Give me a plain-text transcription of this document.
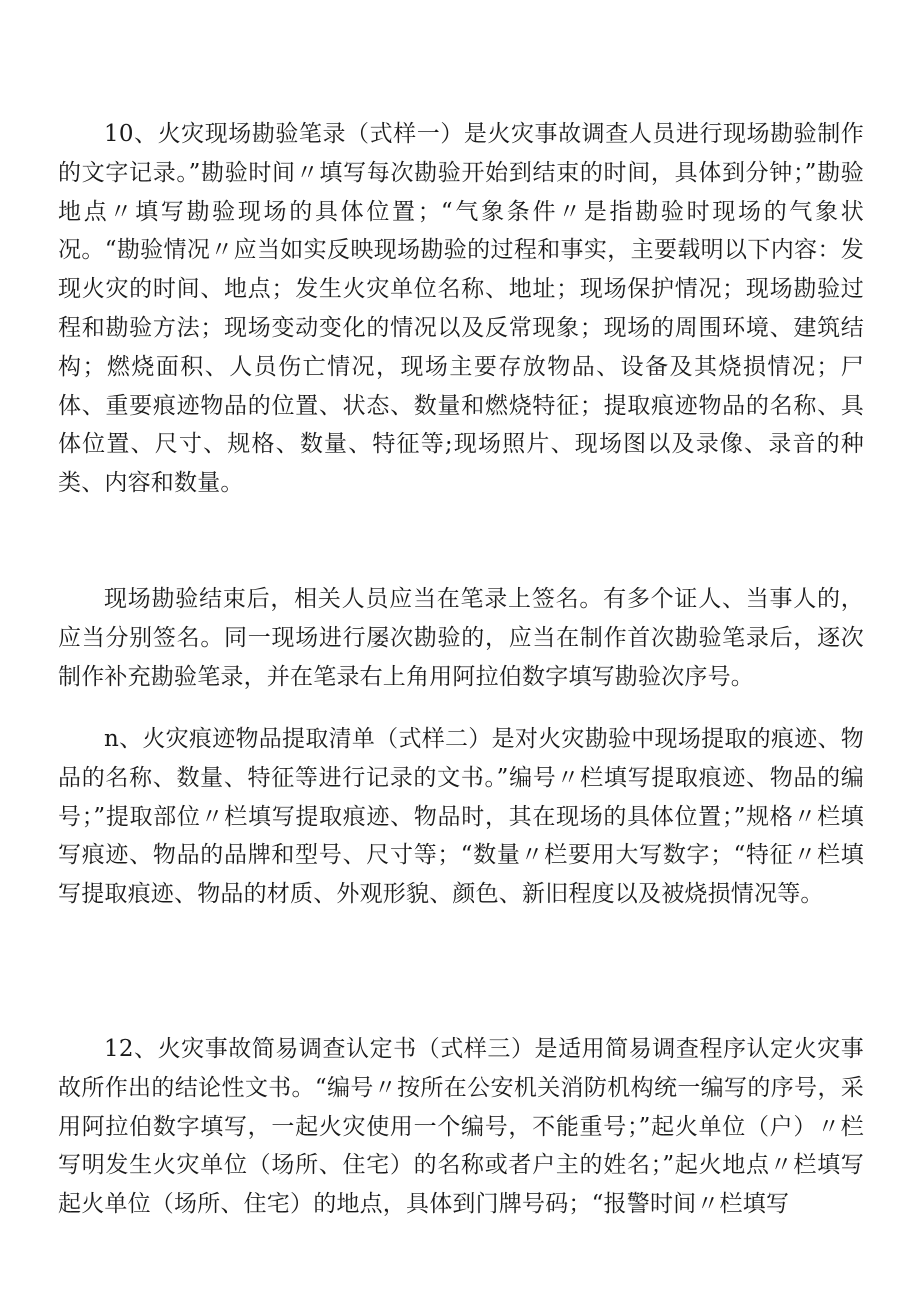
10、火灾现场勘验笔录（式样一）是火灾事故调查人员进行现场勘验制作的文字记录。”勘验时间〃填写每次勘验开始到结束的时间，具体到分钟；”勘验地点〃填写勘验现场的具体位置；“气象条件〃是指勘验时现场的气象状况。“勘验情况〃应当如实反映现场勘验的过程和事实，主要载明以下内容：发现火灾的时间、地点；发生火灾单位名称、地址；现场保护情况；现场勘验过程和勘验方法；现场变动变化的情况以及反常现象；现场的周围环境、建筑结构；燃烧面积、人员伤亡情况，现场主要存放物品、设备及其烧损情况；尸体、重要痕迹物品的位置、状态、数量和燃烧特征；提取痕迹物品的名称、具体位置、尺寸、规格、数量、特征等;现场照片、现场图以及录像、录音的种类、内容和数量。

现场勘验结束后，相关人员应当在笔录上签名。有多个证人、当事人的，应当分别签名。同一现场进行屡次勘验的，应当在制作首次勘验笔录后，逐次制作补充勘验笔录，并在笔录右上角用阿拉伯数字填写勘验次序号。

n、火灾痕迹物品提取清单（式样二）是对火灾勘验中现场提取的痕迹、物品的名称、数量、特征等进行记录的文书。”编号〃栏填写提取痕迹、物品的编号；”提取部位〃栏填写提取痕迹、物品时，其在现场的具体位置；”规格〃栏填写痕迹、物品的品牌和型号、尺寸等；“数量〃栏要用大写数字；“特征〃栏填写提取痕迹、物品的材质、外观形貌、颜色、新旧程度以及被烧损情况等。

12、火灾事故简易调查认定书（式样三）是适用简易调查程序认定火灾事故所作出的结论性文书。“编号〃按所在公安机关消防机构统一编写的序号，采用阿拉伯数字填写，一起火灾使用一个编号，不能重号；”起火单位（户）〃栏写明发生火灾单位（场所、住宅）的名称或者户主的姓名；”起火地点〃栏填写起火单位（场所、住宅）的地点，具体到门牌号码；“报警时间〃栏填写
